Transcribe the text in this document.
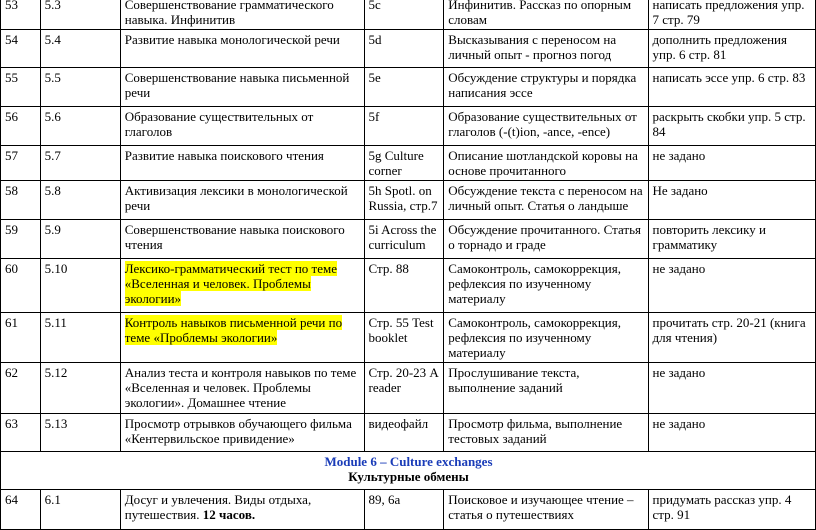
53	5.3	Совершенствование грамматического навыка. Инфинитив	5c	Инфинитив. Рассказ по опорным словам	написать предложения упр. 7 стр. 79
54	5.4	Развитие навыка монологической речи	5d	Высказывания с переносом на личный опыт - прогноз погод	дополнить предложения упр. 6 стр. 81
55	5.5	Совершенствование навыка письменной речи	5e	Обсуждение структуры и порядка написания эссе	написать эссе упр. 6 стр. 83
56	5.6	Образование существительных от глаголов	5f	Образование существительных от глаголов (-(t)ion, -ance, -ence)	раскрыть скобки упр. 5 стр. 84
57	5.7	Развитие навыка поискового чтения	5g Culture corner	Описание шотландской коровы на основе прочитанного	не задано
58	5.8	Активизация лексики в монологической речи	5h Spotl. on Russia, стр.7	Обсуждение текста с переносом на личный опыт. Статья о ландыше	Не задано
59	5.9	Совершенствование навыка поискового чтения	5i Across the curriculum	Обсуждение прочитанного. Статья о торнадо и граде	повторить лексику и грамматику
60	5.10	Лексико-грамматический тест по теме «Вселенная и человек. Проблемы экологии»	Стр. 88	Самоконтроль, самокоррекция, рефлексия по изученному материалу	не задано
61	5.11	Контроль навыков письменной речи по теме «Проблемы экологии»	Стр. 55 Test booklet	Самоконтроль, самокоррекция, рефлексия по изученному материалу	прочитать стр. 20-21 (книга для чтения)
62	5.12	Анализ теста и контроля навыков по теме «Вселенная и человек. Проблемы экологии». Домашнее чтение	Стр. 20-23 A reader	Прослушивание текста, выполнение заданий	не задано
63	5.13	Просмотр отрывков обучающего фильма «Кентервильское привидение»	видеофайл	Просмотр фильма, выполнение тестовых заданий	не задано

Module 6 – Culture exchanges
Культурные обмены					

64	6.1	Досуг и увлечения. Виды отдыха, путешествия. 12 часов.	89, 6a	Поисковое и изучающее чтение – статья о путешествиях	придумать рассказ упр. 4 стр. 91
